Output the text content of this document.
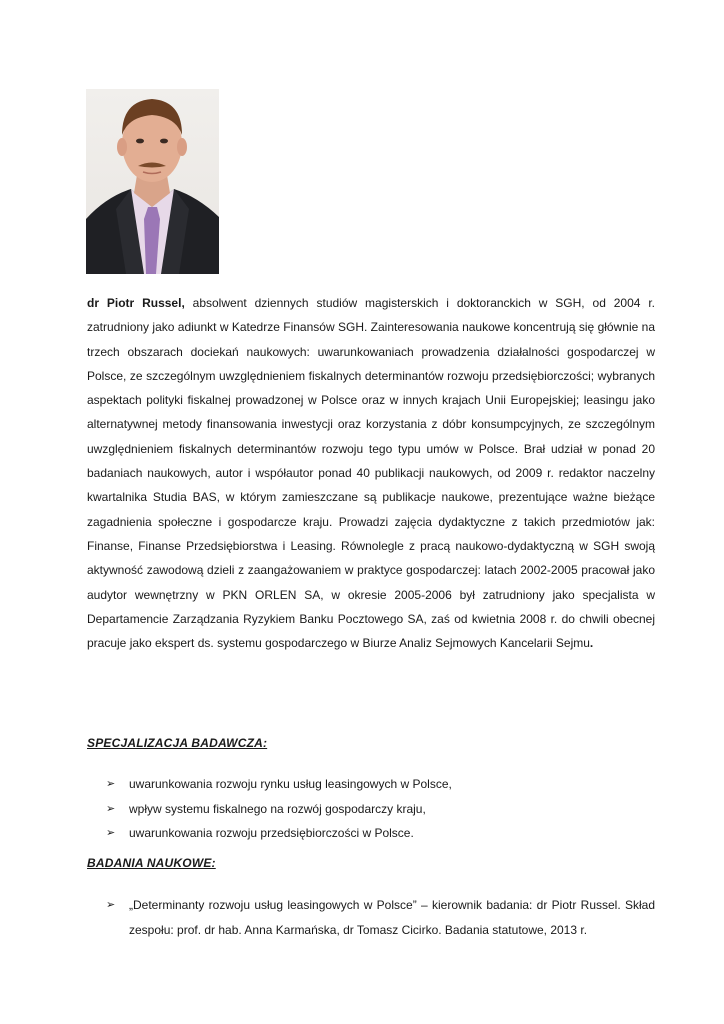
dr Piotr Russel, absolwent dziennych studiów magisterskich i doktoranckich w SGH, od 2004 r. zatrudniony jako adiunkt w Katedrze Finansów SGH. Zainteresowania naukowe koncentrują się głównie na trzech obszarach dociekań naukowych: uwarunkowaniach prowadzenia działalności gospodarczej w Polsce, ze szczególnym uwzględnieniem fiskalnych determinantów rozwoju przedsiębiorczości; wybranych aspektach polityki fiskalnej prowadzonej w Polsce oraz w innych krajach Unii Europejskiej; leasingu jako alternatywnej metody finansowania inwestycji oraz korzystania z dóbr konsumpcyjnych, ze szczególnym uwzględnieniem fiskalnych determinantów rozwoju tego typu umów w Polsce. Brał udział w ponad 20 badaniach naukowych, autor i współautor ponad 40 publikacji naukowych, od 2009 r. redaktor naczelny kwartalnika Studia BAS, w którym zamieszczane są publikacje naukowe, prezentujące ważne bieżące zagadnienia społeczne i gospodarcze kraju. Prowadzi zajęcia dydaktyczne z takich przedmiotów jak: Finanse, Finanse Przedsiębiorstwa i Leasing. Równolegle z pracą naukowo-dydaktyczną w SGH swoją aktywność zawodową dzieli z zaangażowaniem w praktyce gospodarczej: latach 2002-2005 pracował jako audytor wewnętrzny w PKN ORLEN SA, w okresie 2005-2006 był zatrudniony jako specjalista w Departamencie Zarządzania Ryzykiem Banku Pocztowego SA, zaś od kwietnia 2008 r. do chwili obecnej pracuje jako ekspert ds. systemu gospodarczego w Biurze Analiz Sejmowych Kancelarii Sejmu.
SPECJALIZACJA BADAWCZA:
➢ uwarunkowania rozwoju rynku usług leasingowych w Polsce,
➢ wpływ systemu fiskalnego na rozwój gospodarczy kraju,
➢ uwarunkowania rozwoju przedsiębiorczości w Polsce.
BADANIA NAUKOWE:
➢ „Determinanty rozwoju usług leasingowych w Polsce” – kierownik badania: dr Piotr Russel. Skład zespołu: prof. dr hab. Anna Karmańska, dr Tomasz Cicirko. Badania statutowe, 2013 r.
